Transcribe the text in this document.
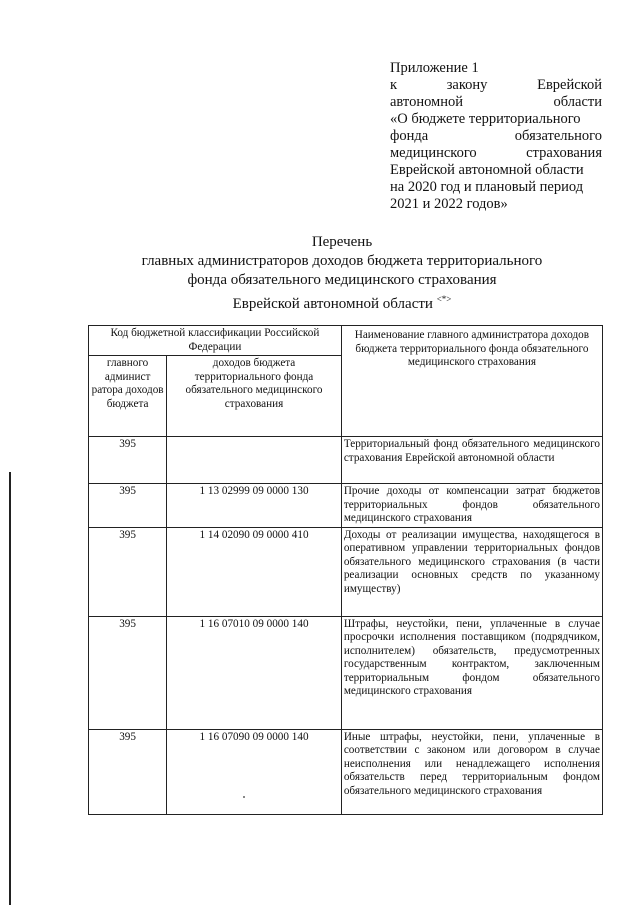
Приложение 1
к	закону	Еврейской
автономной	области
«О бюджете территориального
фонда	обязательного
медицинского	страхования
Еврейской автономной области
на 2020 год и плановый период
2021 и 2022 годов»
Перечень
главных администраторов доходов бюджета территориального
фонда обязательного медицинского страхования
Еврейской автономной области <*>
Код бюджетной классификации Российской Федерации		Наименование главного администратора доходов бюджета территориального фонда обязательного медицинского страхования
главного админист ратора доходов бюджета	доходов бюджета территориального фонда обязательного медицинского страхования	
395		Территориальный фонд обязательного медицинского страхования Еврейской автономной области
395	1 13 02999 09 0000 130	Прочие доходы от компенсации затрат бюджетов территориальных фондов обязательного медицинского страхования
395	1 14 02090 09 0000 410	Доходы от реализации имущества, находящегося в оперативном управлении территориальных фондов обязательного медицинского страхования (в части реализации основных средств по указанному имуществу)
395	1 16 07010 09 0000 140	Штрафы, неустойки, пени, уплаченные в случае просрочки исполнения поставщиком (подрядчиком, исполнителем) обязательств, предусмотренных государственным контрактом, заключенным территориальным фондом обязательного медицинского страхования
395	1 16 07090 09 0000 140	Иные штрафы, неустойки, пени, уплаченные в соответствии с законом или договором в случае неисполнения или ненадлежащего исполнения обязательств перед территориальным фондом обязательного медицинского страхования
